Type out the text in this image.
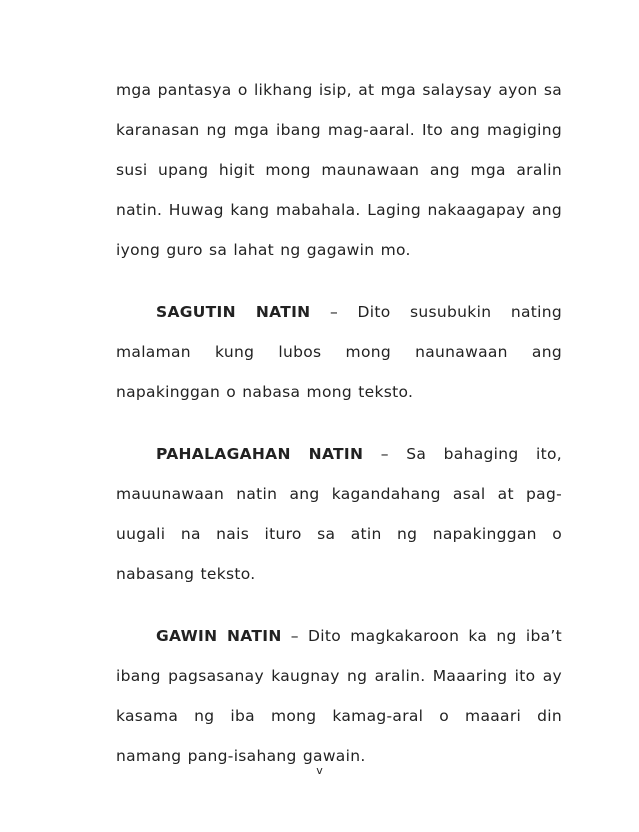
mga pantasya o likhang isip, at mga salaysay ayon sa karanasan ng mga ibang mag-aaral. Ito ang magiging susi upang higit mong maunawaan ang mga aralin natin. Huwag kang mabahala. Laging nakaagapay ang iyong guro sa lahat ng gagawin mo.

SAGUTIN NATIN – Dito susubukin nating malaman kung lubos mong naunawaan ang napakinggan o nabasa mong teksto.

PAHALAGAHAN NATIN – Sa bahaging ito, mauunawaan natin ang kagandahang asal at pag-uugali na nais ituro sa atin ng napakinggan o nabasang teksto.

GAWIN NATIN – Dito magkakaroon ka ng iba’t ibang pagsasanay kaugnay ng aralin. Maaaring ito ay kasama ng iba mong kamag-aral o maaari din namang pang-isahang gawain.

v
